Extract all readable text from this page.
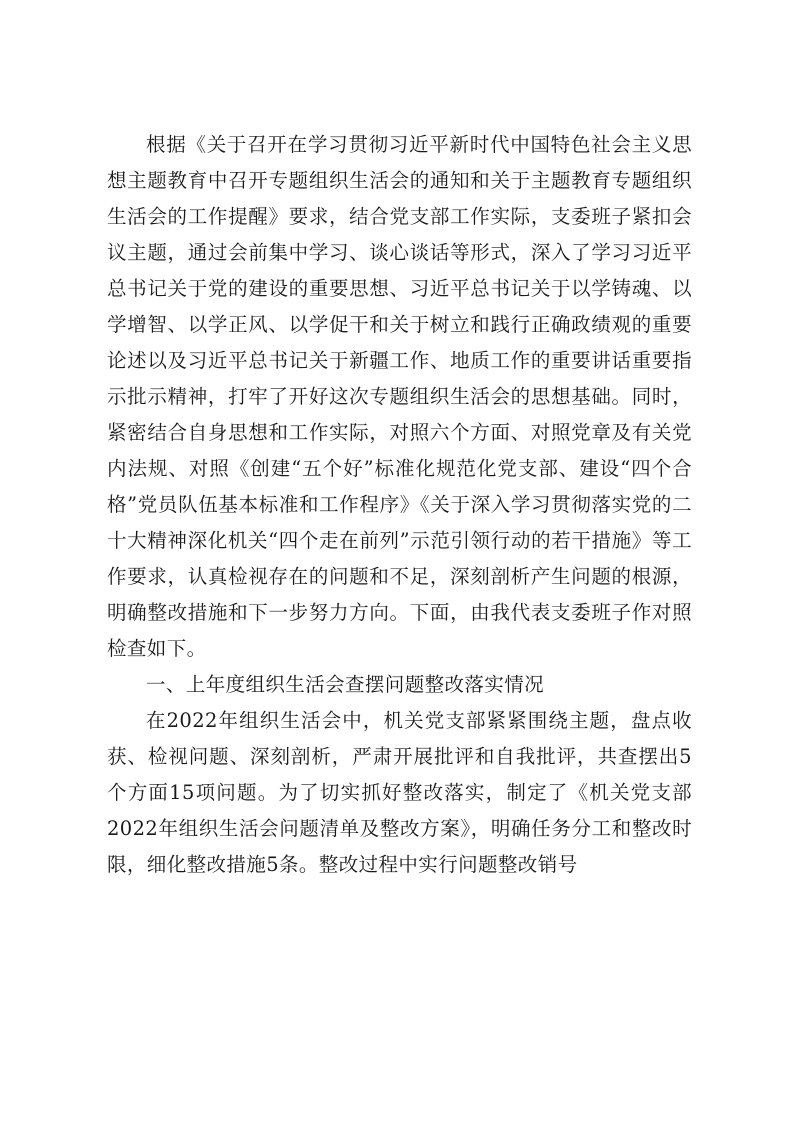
根据《关于召开在学习贯彻习近平新时代中国特色社会主义思想主题教育中召开专题组织生活会的通知和关于主题教育专题组织生活会的工作提醒》要求，结合党支部工作实际，支委班子紧扣会议主题，通过会前集中学习、谈心谈话等形式，深入了学习习近平总书记关于党的建设的重要思想、习近平总书记关于以学铸魂、以学增智、以学正风、以学促干和关于树立和践行正确政绩观的重要论述以及习近平总书记关于新疆工作、地质工作的重要讲话重要指示批示精神，打牢了开好这次专题组织生活会的思想基础。同时，紧密结合自身思想和工作实际，对照六个方面、对照党章及有关党内法规、对照《创建“五个好”标准化规范化党支部、建设“四个合格”党员队伍基本标准和工作程序》《关于深入学习贯彻落实党的二十大精神深化机关“四个走在前列”示范引领行动的若干措施》等工作要求，认真检视存在的问题和不足，深刻剖析产生问题的根源，明确整改措施和下一步努力方向。下面，由我代表支委班子作对照检查如下。

一、上年度组织生活会查摆问题整改落实情况

在2022年组织生活会中，机关党支部紧紧围绕主题，盘点收获、检视问题、深刻剖析，严肃开展批评和自我批评，共查摆出5个方面15项问题。为了切实抓好整改落实，制定了《机关党支部2022年组织生活会问题清单及整改方案》，明确任务分工和整改时限，细化整改措施5条。整改过程中实行问题整改销号
